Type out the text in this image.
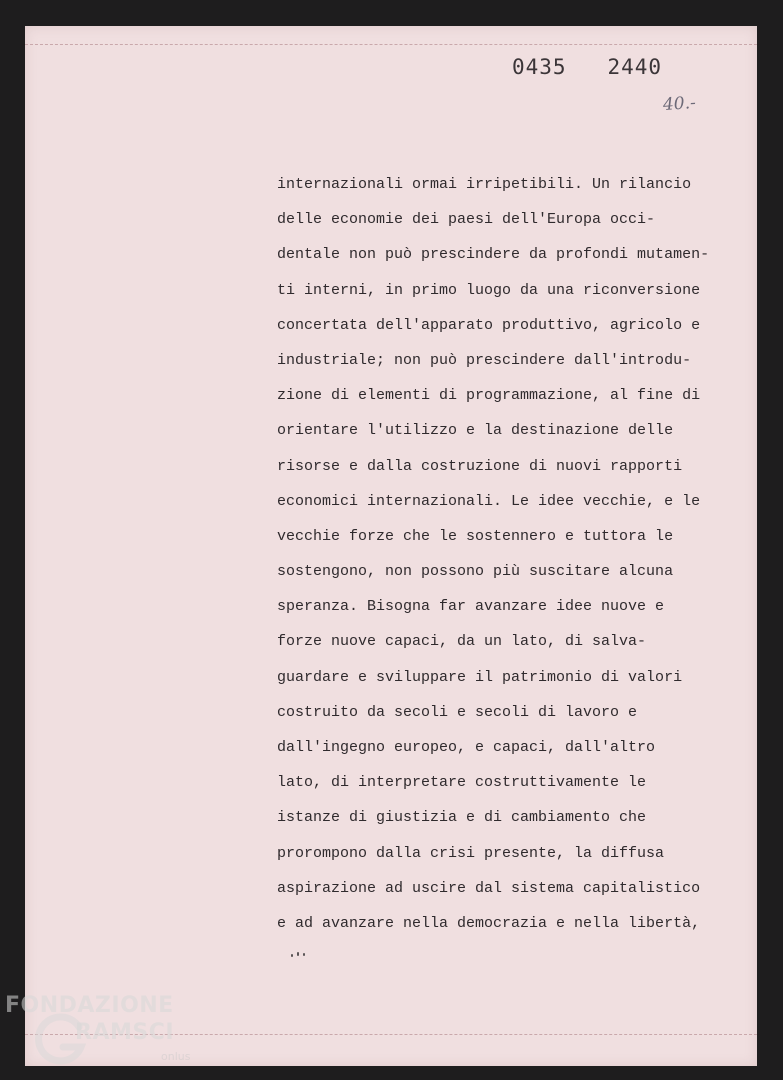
0435   2440
40.-
internazionali ormai irripetibili. Un rilancio
delle economie dei paesi dell'Europa occi-
dentale non può prescindere da profondi mutamen-
ti interni, in primo luogo da una riconversione
concertata dell'apparato produttivo, agricolo e
industriale; non può prescindere dall'introdu-
zione di elementi di programmazione, al fine di
orientare l'utilizzo e la destinazione delle
risorse e dalla costruzione di nuovi rapporti
economici internazionali. Le idee vecchie, e le
vecchie forze che le sostennero e tuttora le
sostengono, non possono più suscitare alcuna
speranza. Bisogna far avanzare idee nuove e
forze nuove capaci, da un lato, di salva-
guardare e sviluppare il patrimonio di valori
costruito da secoli e secoli di lavoro e
dall'ingegno europeo, e capaci, dall'altro
lato, di interpretare costruttivamente le
istanze di giustizia e di cambiamento che
prorompono dalla crisi presente, la diffusa
aspirazione ad uscire dal sistema capitalistico
e ad avanzare nella democrazia e nella libertà,
FONDAZIONE
RAMSCI
onlus
